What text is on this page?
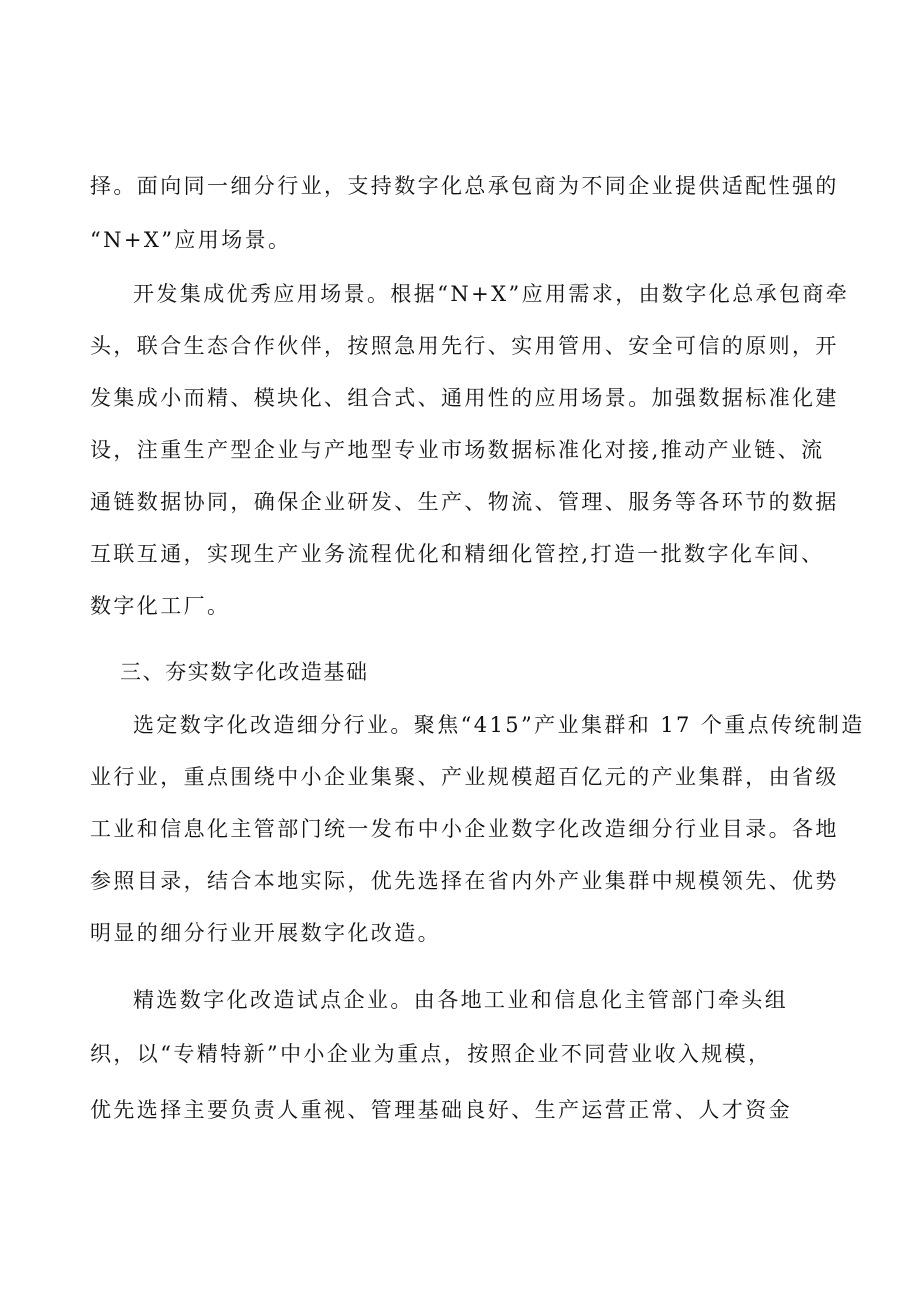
择。面向同一细分行业，支持数字化总承包商为不同企业提供适配性强的
“N+X”应用场景。
开发集成优秀应用场景。根据“N+X”应用需求，由数字化总承包商牵
头，联合生态合作伙伴，按照急用先行、实用管用、安全可信的原则，开
发集成小而精、模块化、组合式、通用性的应用场景。加强数据标准化建
设，注重生产型企业与产地型专业市场数据标准化对接,推动产业链、流
通链数据协同，确保企业研发、生产、物流、管理、服务等各环节的数据
互联互通，实现生产业务流程优化和精细化管控,打造一批数字化车间、
数字化工厂。
三、夯实数字化改造基础
选定数字化改造细分行业。聚焦“415”产业集群和 17 个重点传统制造
业行业，重点围绕中小企业集聚、产业规模超百亿元的产业集群，由省级
工业和信息化主管部门统一发布中小企业数字化改造细分行业目录。各地
参照目录，结合本地实际，优先选择在省内外产业集群中规模领先、优势
明显的细分行业开展数字化改造。
精选数字化改造试点企业。由各地工业和信息化主管部门牵头组
织，以“专精特新”中小企业为重点，按照企业不同营业收入规模，
优先选择主要负责人重视、管理基础良好、生产运营正常、人才资金
